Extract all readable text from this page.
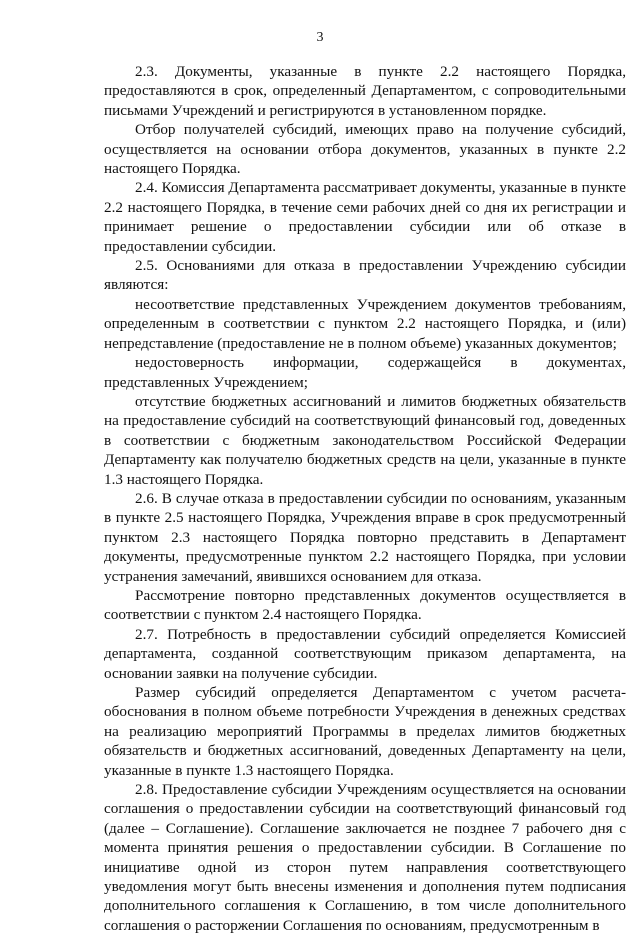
3

2.3. Документы, указанные в пункте 2.2 настоящего Порядка, предоставляются в срок, определенный Департаментом, с сопроводительными письмами Учреждений и регистрируются в установленном порядке.

Отбор получателей субсидий, имеющих право на получение субсидий, осуществляется на основании отбора документов, указанных в пункте 2.2 настоящего Порядка.

2.4. Комиссия Департамента рассматривает документы, указанные в пункте 2.2 настоящего Порядка, в течение семи рабочих дней со дня их регистрации и принимает решение о предоставлении субсидии или об отказе в предоставлении субсидии.

2.5. Основаниями для отказа в предоставлении Учреждению субсидии являются:

несоответствие представленных Учреждением документов требованиям, определенным в соответствии с пунктом 2.2 настоящего Порядка, и (или) непредставление (предоставление не в полном объеме) указанных документов;

недостоверность информации, содержащейся в документах, представленных Учреждением;

отсутствие бюджетных ассигнований и лимитов бюджетных обязательств на предоставление субсидий на соответствующий финансовый год, доведенных в соответствии с бюджетным законодательством Российской Федерации Департаменту как получателю бюджетных средств на цели, указанные в пункте 1.3 настоящего Порядка.

2.6. В случае отказа в предоставлении субсидии по основаниям, указанным в пункте 2.5 настоящего Порядка, Учреждения вправе в срок предусмотренный пунктом 2.3 настоящего Порядка повторно представить в Департамент документы, предусмотренные пунктом 2.2 настоящего Порядка, при условии устранения замечаний, явившихся основанием для отказа.

Рассмотрение повторно представленных документов осуществляется в соответствии с пунктом 2.4 настоящего Порядка.

2.7. Потребность в предоставлении субсидий определяется Комиссией департамента, созданной соответствующим приказом департамента, на основании заявки на получение субсидии.

Размер субсидий определяется Департаментом с учетом расчета-обоснования в полном объеме потребности Учреждения в денежных средствах на реализацию мероприятий Программы в пределах лимитов бюджетных обязательств и бюджетных ассигнований, доведенных Департаменту на цели, указанные в пункте 1.3 настоящего Порядка.

2.8. Предоставление субсидии Учреждениям осуществляется на основании соглашения о предоставлении субсидии на соответствующий финансовый год (далее – Соглашение). Соглашение заключается не позднее 7 рабочего дня с момента принятия решения о предоставлении субсидии. В Соглашение по инициативе одной из сторон путем направления соответствующего уведомления могут быть внесены изменения и дополнения путем подписания дополнительного соглашения к Соглашению, в том числе дополнительного соглашения о расторжении Соглашения по основаниям, предусмотренным в
